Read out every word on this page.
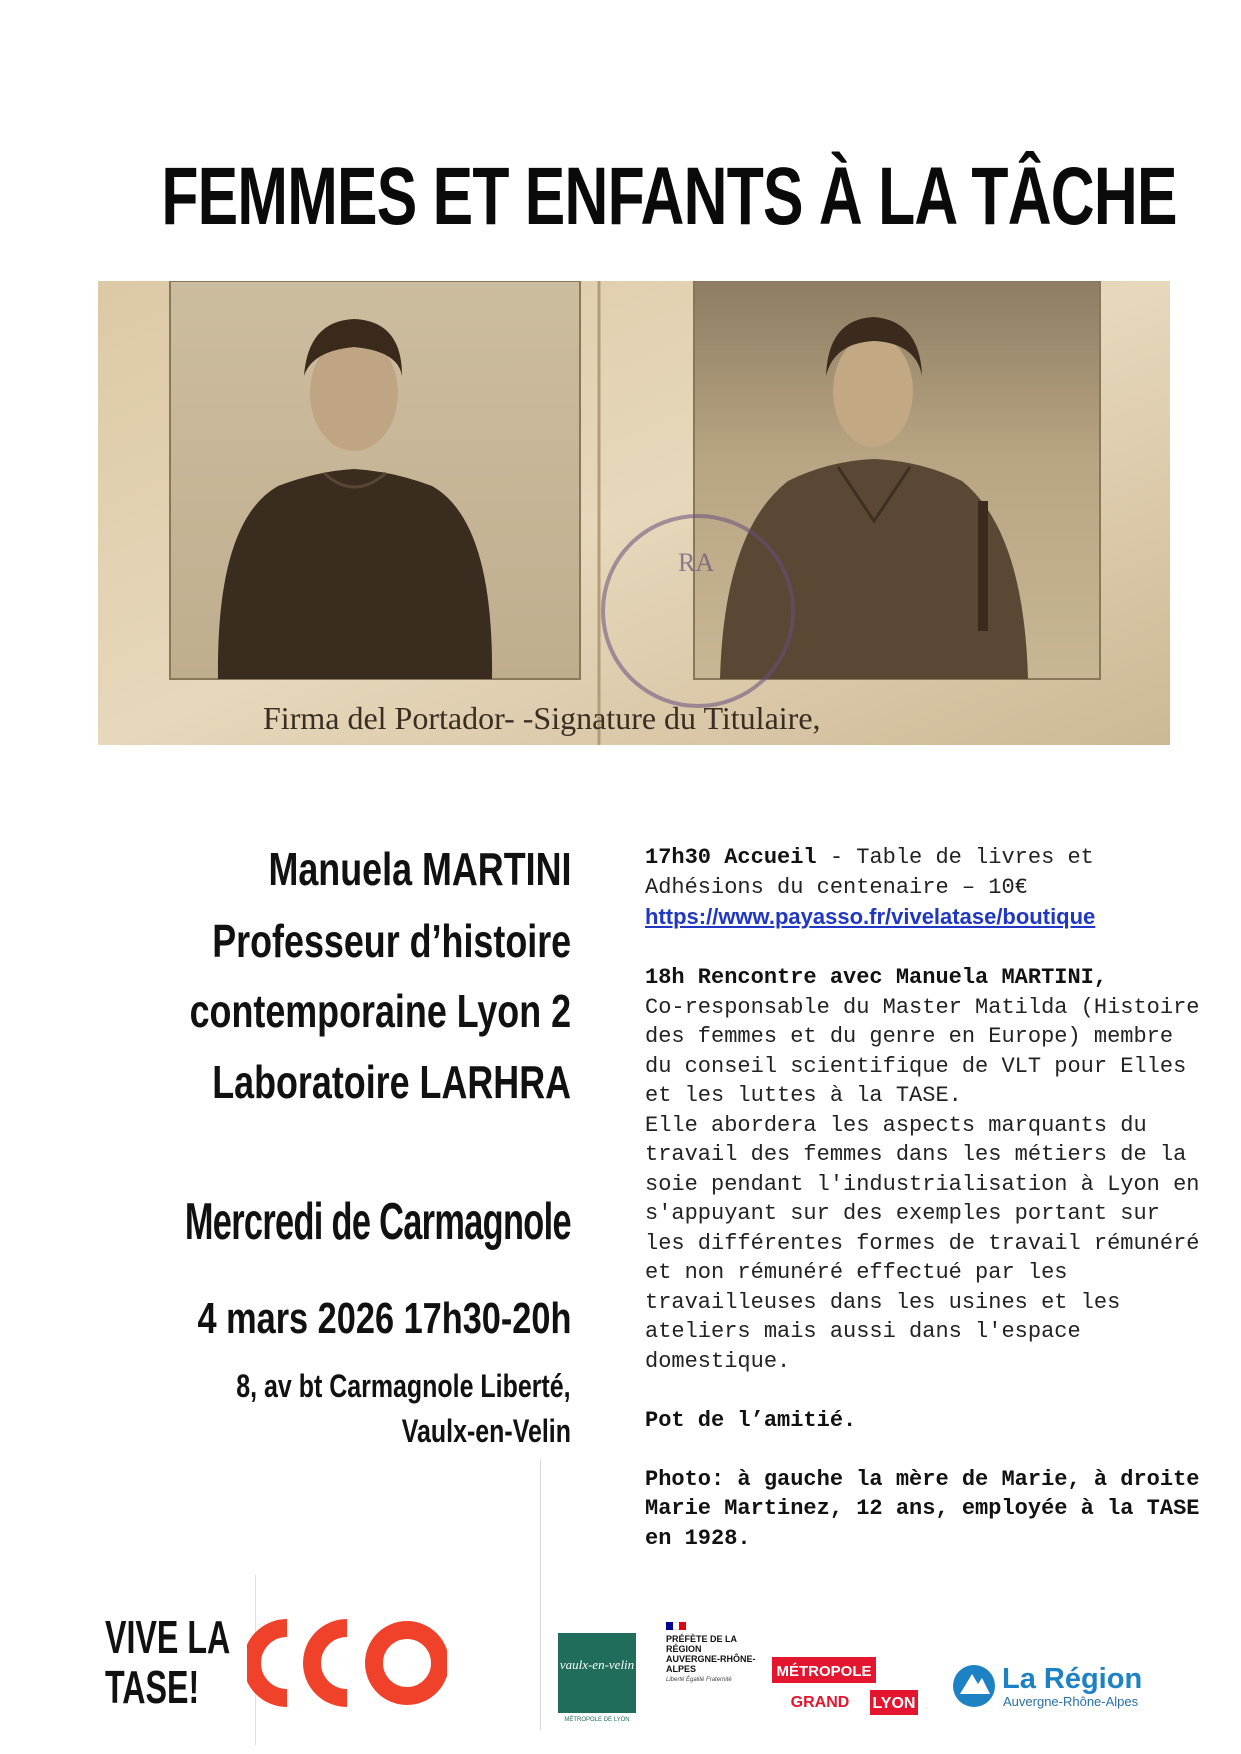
FEMMES ET ENFANTS À LA TÂCHE
RA
Firma del Portador- -Signature du Titulaire,
Manuela MARTINI
Professeur d’histoire
contemporaine Lyon 2
Laboratoire LARHRA
Mercredi de Carmagnole
4 mars 2026 17h30-20h
8, av bt Carmagnole Liberté,
Vaulx-en-Velin

17h30 Accueil - Table de livres et Adhésions du centenaire – 10€

https://www.payasso.fr/vivelatase/boutique

18h Rencontre avec Manuela MARTINI,

Co-responsable du Master Matilda (Histoire des femmes et du genre en Europe) membre du conseil scientifique de VLT pour Elles et les luttes à la TASE.

Elle abordera les aspects marquants du travail des femmes dans les métiers de la soie pendant l'industrialisation à Lyon en s'appuyant sur des exemples portant sur les différentes formes de travail rémunéré et non rémunéré effectué par les travailleuses dans les usines et les ateliers mais aussi dans l'espace domestique.

Pot de l’amitié.

Photo: à gauche la mère de Marie, à droite Marie Martinez, 12 ans, employée à la TASE en 1928.

VIVE LA
TASE!	vaulx-en-velin
MÉTROPOLE DE LYON
PRÉFÈTE DE LA RÉGION AUVERGNE-RHÔNE-ALPES
Liberté Égalité Fraternité	MÉTROPOLE
GRAND LYON
La Région
Auvergne-Rhône-Alpes
